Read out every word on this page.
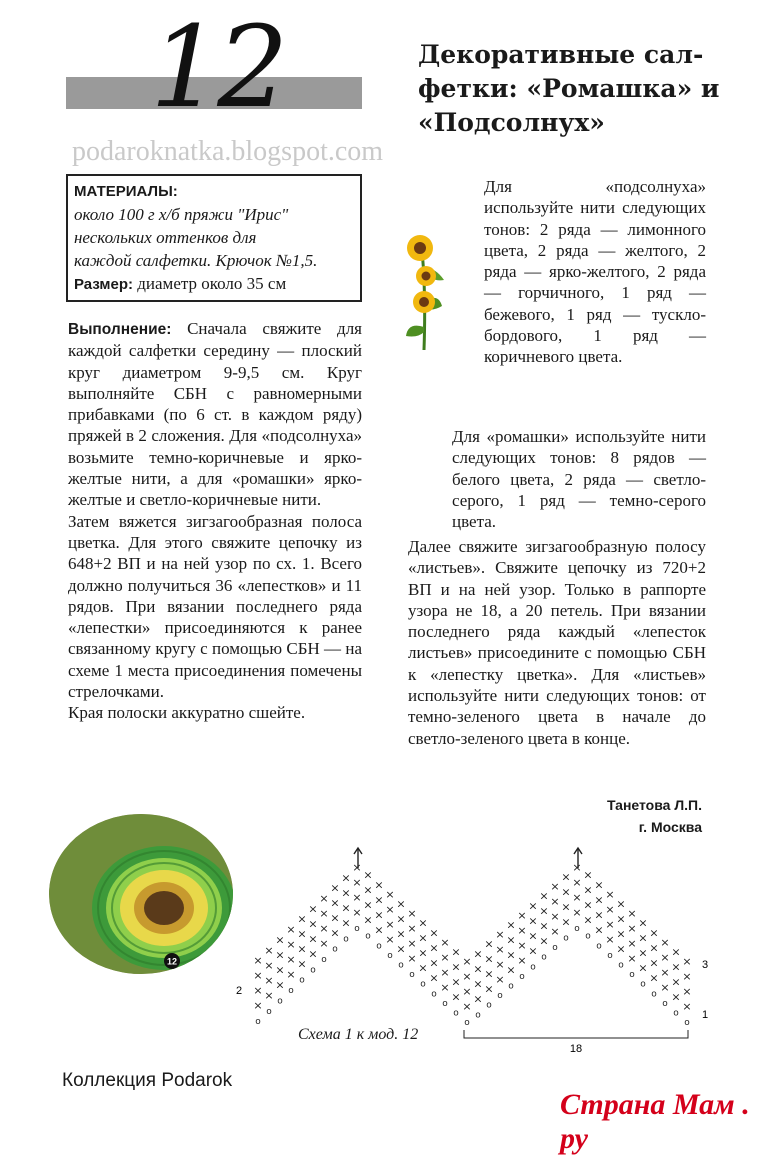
12	Декоративные сал-
фетки: «Ромашка» и
«Подсолнух»
podaroknatka.blogspot.com
МАТЕРИАЛЫ:
около 100 г х/б пряжи "Ирис"
нескольких оттенков для
каждой салфетки. Крючок №1,5.
Размер: диаметр около 35 см

Выполнение: Сначала свяжите для каждой салфетки середину — плоский круг диаметром 9-9,5 см. Круг выполняйте СБН с равномерными прибавками (по 6 ст. в каждом ряду) пряжей в 2 сложения. Для «подсолнуха» возьмите темно-коричневые и ярко-желтые нити, а для «ромашки» ярко-желтые и светло-коричневые нити.

Затем вяжется зигзагообразная полоса цветка. Для этого свяжите цепочку из 648+2 ВП и на ней узор по сх. 1. Всего должно получиться 36 «лепестков» и 11 рядов. При вязании последнего ряда «лепестки» присоединяются к ранее связанному кругу с помощью СБН — на схеме 1 места присоединения помечены стрелочками.

Края полоски аккуратно сшейте.

Для «подсолнуха» используйте нити следующих тонов: 2 ряда — лимонного цвета, 2 ряда — желтого, 2 ряда — ярко-желтого, 2 ряда — горчичного, 1 ряд — бежевого, 1 ряд — тускло-бордового, 1 ряд — коричневого цвета.
Для «ромашки» используйте нити следующих тонов: 8 рядов — белого цвета, 2 ряда — светло-серого, 1 ряд — темно-серого цвета.
Далее свяжите зигзагообразную полосу «листьев». Свяжите цепочку из 720+2 ВП и на ней узор. Только в раппорте узора не 18, а 20 петель. При вязании последнего ряда каждый «лепесток листьев» присоедините с помощью СБН к «лепестку цветка». Для «листьев» используйте нити следующих тонов: от темно-зеленого цвета в начале до светло-зеленого цвета в конце.
Танетова Л.П.
г. Москва
12	×
×
×
×
×
×
×
×
×
×
×
×
×
×
×
×
×
×
×
×
×
×
×
×
×
×
×
×
×
×
×
×
×
×
×
×
×
×
×
×
×
×
×
×
×
×
×
×
×
×
×
×
×
×
×
×
×
×
×
×
×
×
×
×
×
×
×
×
×
×
×
×
×
×
×
×
×
×
×
×
×
×
×
×
×
×
×
×
×
×
×
×
×
×
×
×
×
×
×
×
×
×
×
×
×
×
×
×
×
×
×
×
×
×
×
×
×
×
×
×
×
×
×
×
×
×
×
×
×
×
×
×
×
×
×
×
×
×
×
×
×
×
×
×
×
×
×
×
×
×
×
×
×
×
×
×
×
×
×
×
o
o
o
o
o
o
o
o
o
o
o
o
o
o
o
o
o
o
o
o
o
o
o
o
o
o
o
o
o
o
o
o
o
o
o
o
o
o
o
o
18
2
3
1
Схема 1 к мод. 12
Коллекция Podarok
Страна Мам . ру
